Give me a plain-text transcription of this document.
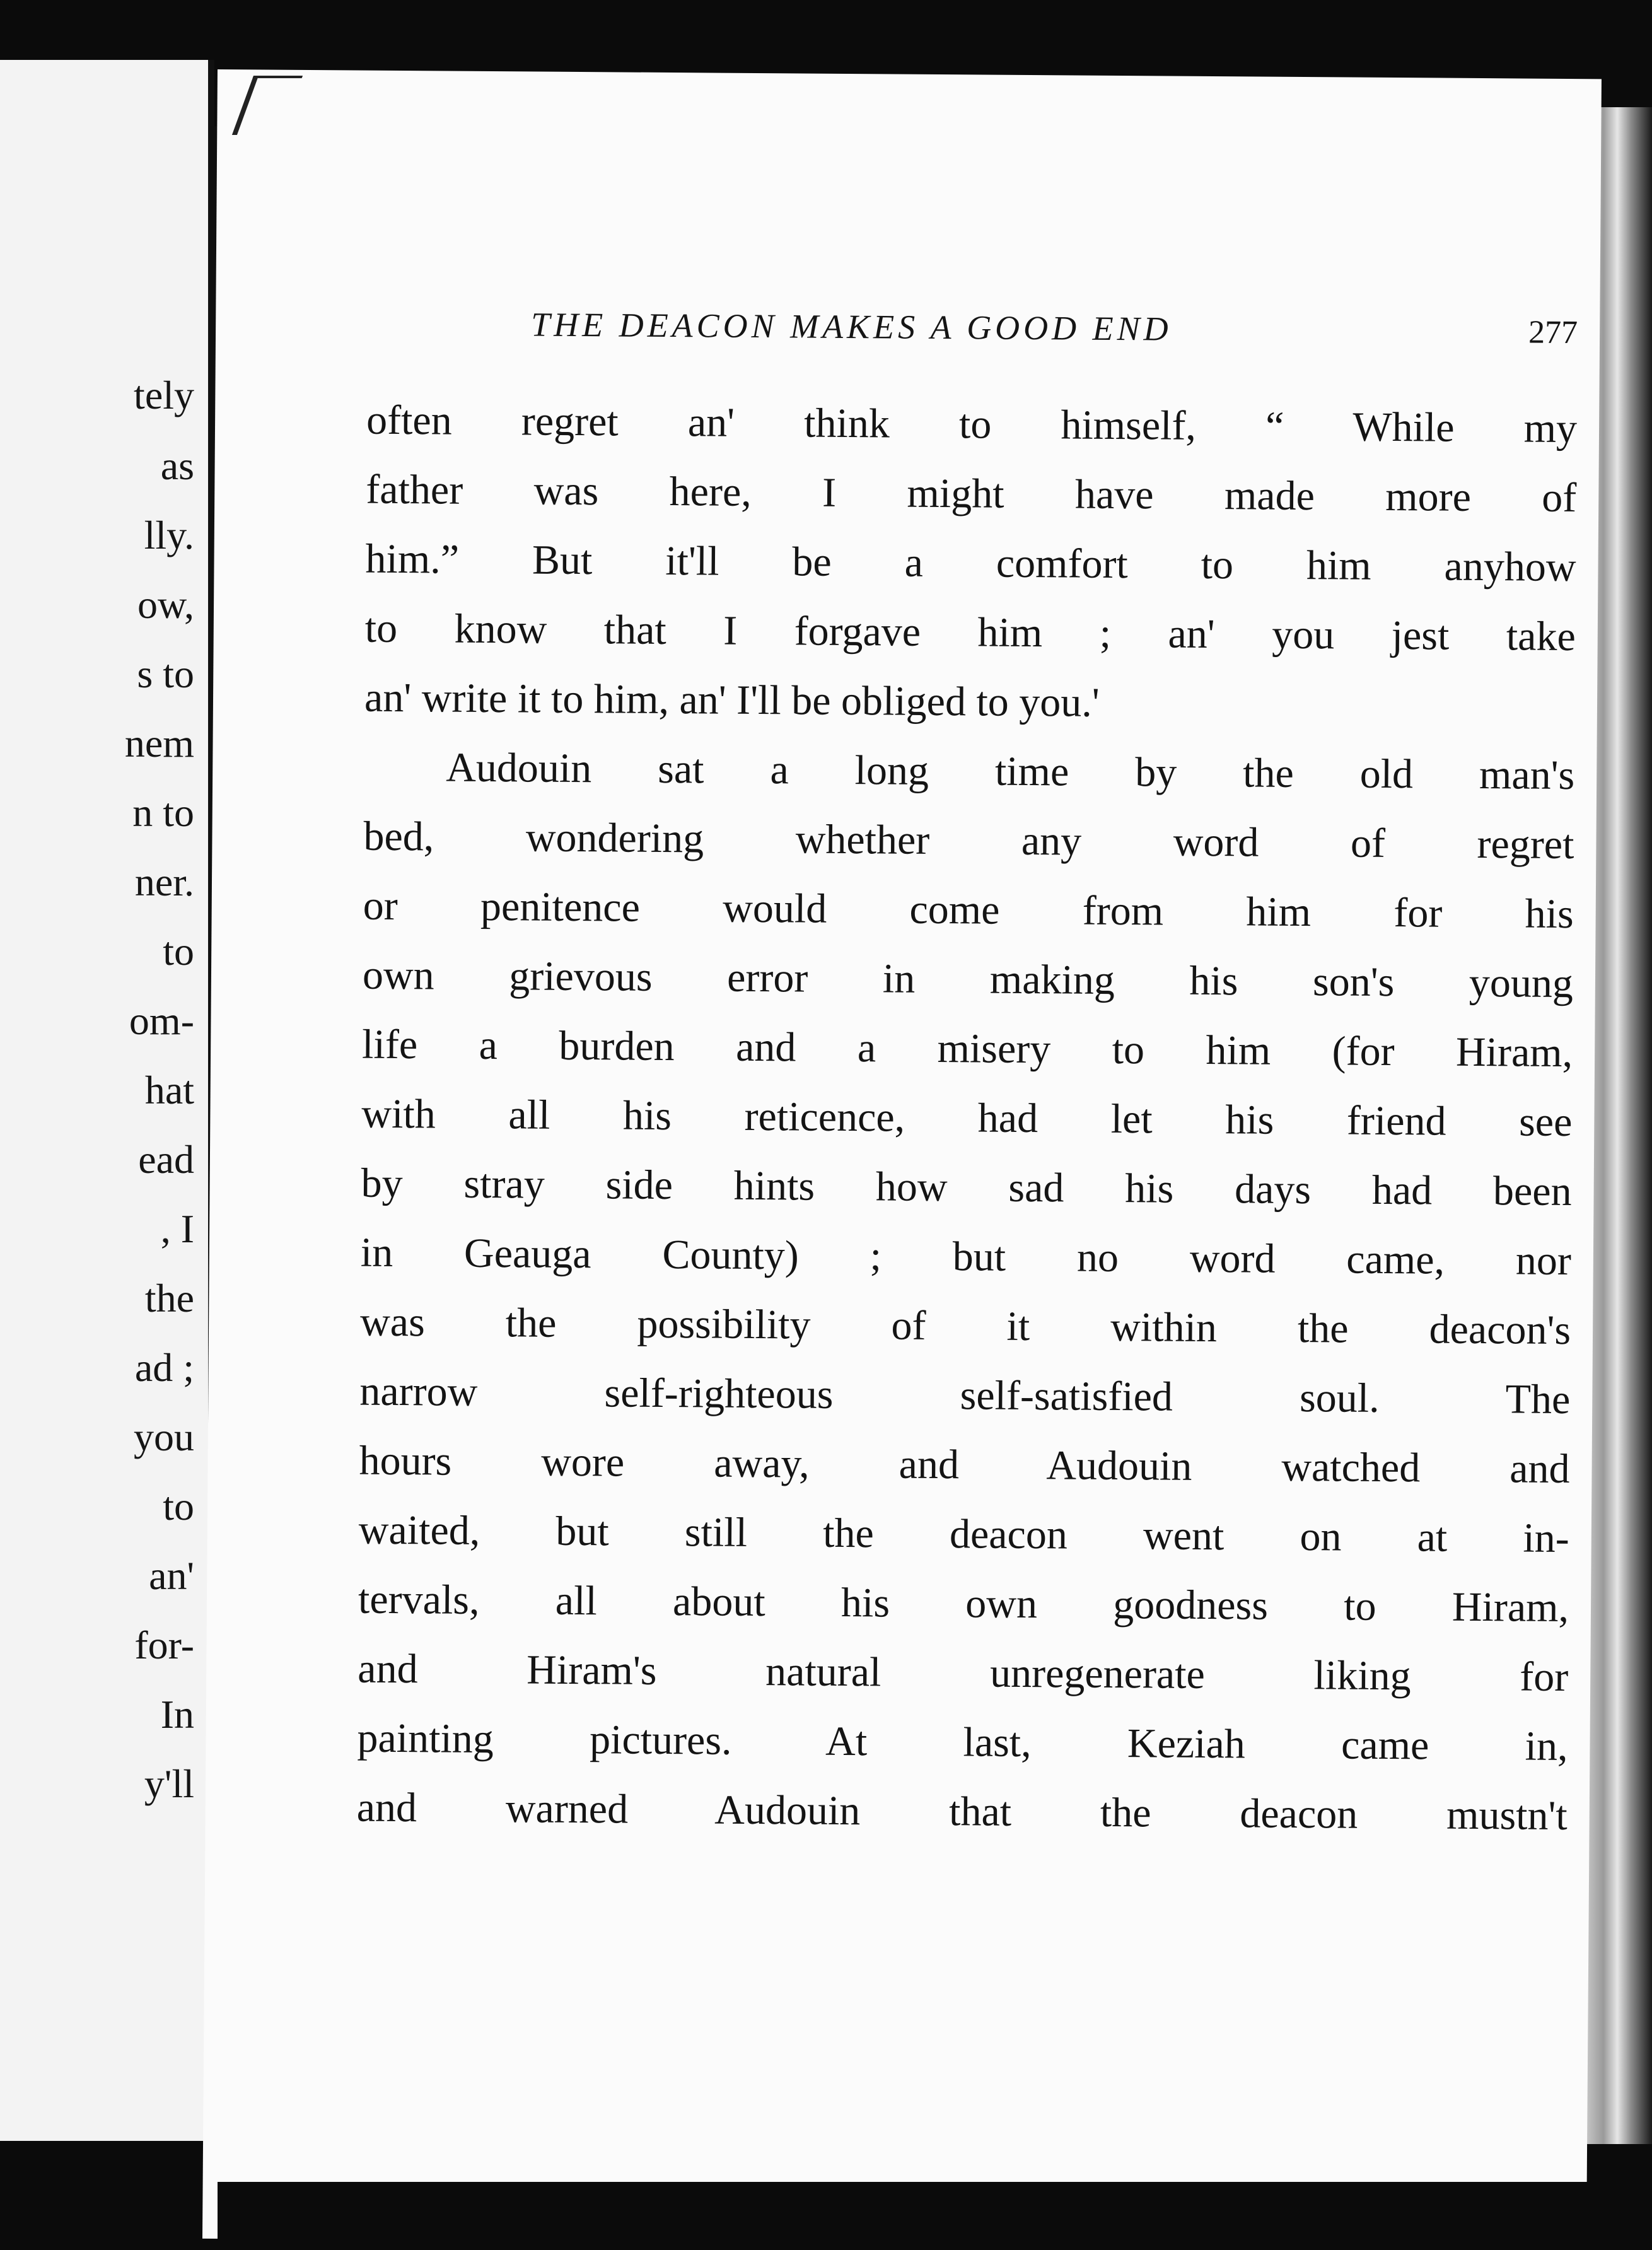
tely
as
lly.
ow,
s to
nem
n to
ner.
to
om-
hat
ead
, I
the
ad ;
you
to
an'
for-
In
y'll
THE DEACON MAKES A GOOD END	277
often regret an' think to himself, “ While my
father was here, I might have made more of
him.” But it'll be a comfort to him anyhow
to know that I forgave him ; an' you jest take
an' write it to him, an' I'll be obliged to you.'
Audouin sat a long time by the old man's
bed, wondering whether any word of regret
or penitence would come from him for his
own grievous error in making his son's young
life a burden and a misery to him (for Hiram,
with all his reticence, had let his friend see
by stray side hints how sad his days had been
in Geauga County) ; but no word came, nor
was the possibility of it within the deacon's
narrow self-righteous self-satisfied soul. The
hours wore away, and Audouin watched and
waited, but still the deacon went on at in-
tervals, all about his own goodness to Hiram,
and Hiram's natural unregenerate liking for
painting pictures. At last, Keziah came in,
and warned Audouin that the deacon mustn't
